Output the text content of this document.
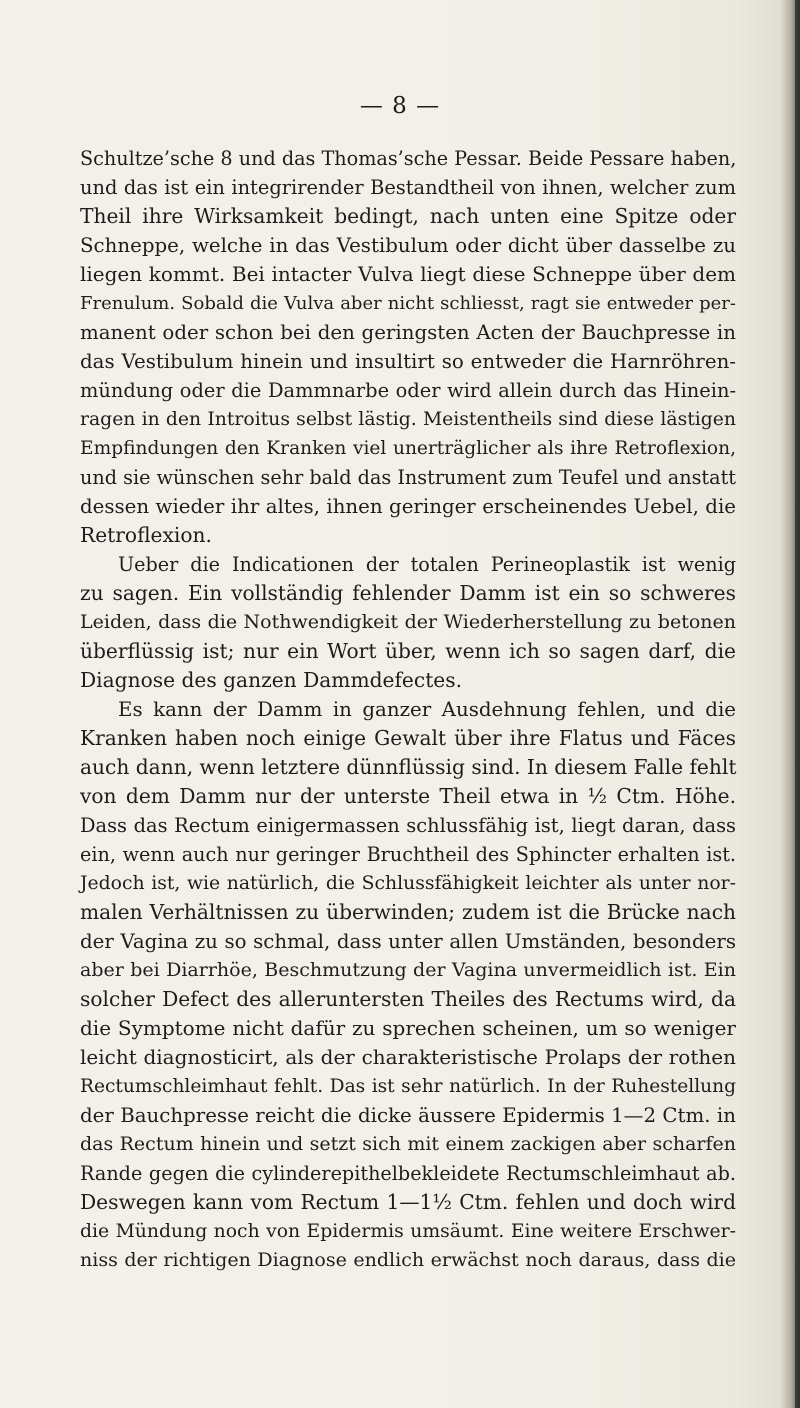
— 8 —
Schultze’sche 8 und das Thomas’sche Pessar. Beide Pessare haben,
und das ist ein integrirender Bestandtheil von ihnen, welcher zum
Theil ihre Wirksamkeit bedingt, nach unten eine Spitze oder
Schneppe, welche in das Vestibulum oder dicht über dasselbe zu
liegen kommt. Bei intacter Vulva liegt diese Schneppe über dem
Frenulum. Sobald die Vulva aber nicht schliesst, ragt sie entweder per-
manent oder schon bei den geringsten Acten der Bauchpresse in
das Vestibulum hinein und insultirt so entweder die Harnröhren-
mündung oder die Dammnarbe oder wird allein durch das Hinein-
ragen in den Introitus selbst lästig. Meistentheils sind diese lästigen
Empfindungen den Kranken viel unerträglicher als ihre Retroflexion,
und sie wünschen sehr bald das Instrument zum Teufel und anstatt
dessen wieder ihr altes, ihnen geringer erscheinendes Uebel, die
Retroflexion.
Ueber die Indicationen der totalen Perineoplastik ist wenig
zu sagen. Ein vollständig fehlender Damm ist ein so schweres
Leiden, dass die Nothwendigkeit der Wiederherstellung zu betonen
überflüssig ist; nur ein Wort über, wenn ich so sagen darf, die
Diagnose des ganzen Dammdefectes.
Es kann der Damm in ganzer Ausdehnung fehlen, und die
Kranken haben noch einige Gewalt über ihre Flatus und Fäces
auch dann, wenn letztere dünnflüssig sind. In diesem Falle fehlt
von dem Damm nur der unterste Theil etwa in ½ Ctm. Höhe.
Dass das Rectum einigermassen schlussfähig ist, liegt daran, dass
ein, wenn auch nur geringer Bruchtheil des Sphincter erhalten ist.
Jedoch ist, wie natürlich, die Schlussfähigkeit leichter als unter nor-
malen Verhältnissen zu überwinden; zudem ist die Brücke nach
der Vagina zu so schmal, dass unter allen Umständen, besonders
aber bei Diarrhöe, Beschmutzung der Vagina unvermeidlich ist. Ein
solcher Defect des alleruntersten Theiles des Rectums wird, da
die Symptome nicht dafür zu sprechen scheinen, um so weniger
leicht diagnosticirt, als der charakteristische Prolaps der rothen
Rectumschleimhaut fehlt. Das ist sehr natürlich. In der Ruhestellung
der Bauchpresse reicht die dicke äussere Epidermis 1—2 Ctm. in
das Rectum hinein und setzt sich mit einem zackigen aber scharfen
Rande gegen die cylinderepithelbekleidete Rectumschleimhaut ab.
Deswegen kann vom Rectum 1—1½ Ctm. fehlen und doch wird
die Mündung noch von Epidermis umsäumt. Eine weitere Erschwer-
niss der richtigen Diagnose endlich erwächst noch daraus, dass die
